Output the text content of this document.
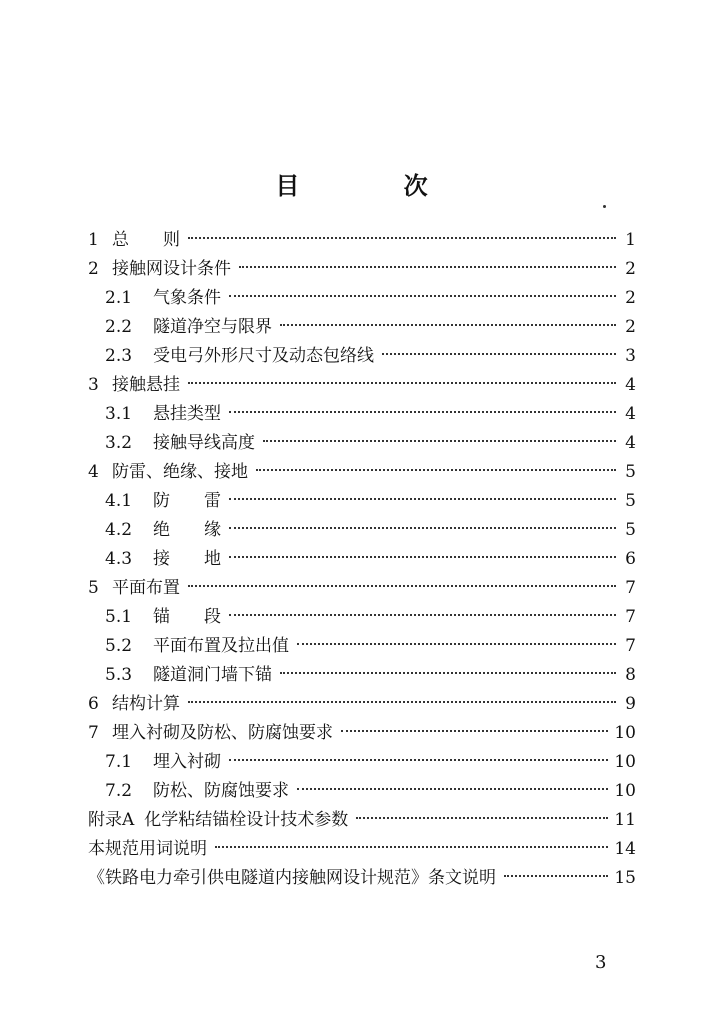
目 次
1 总　　则	1
2 接触网设计条件	2
2.1	气象条件	2
2.2	隧道净空与限界	2
2.3	受电弓外形尺寸及动态包络线	3
3 接触悬挂	4
3.1	悬挂类型	4
3.2	接触导线高度	4
4 防雷、绝缘、接地	5
4.1	防　　雷	5
4.2	绝　　缘	5
4.3	接　　地	6
5 平面布置	7
5.1	锚　　段	7
5.2	平面布置及拉出值	7
5.3	隧道洞门墙下锚	8
6 结构计算	9
7 埋入衬砌及防松、防腐蚀要求	10
7.1	埋入衬砌	10
7.2	防松、防腐蚀要求	10
附录A 化学粘结锚栓设计技术参数	11
本规范用词说明	14
《铁路电力牵引供电隧道内接触网设计规范》条文说明	15
3
